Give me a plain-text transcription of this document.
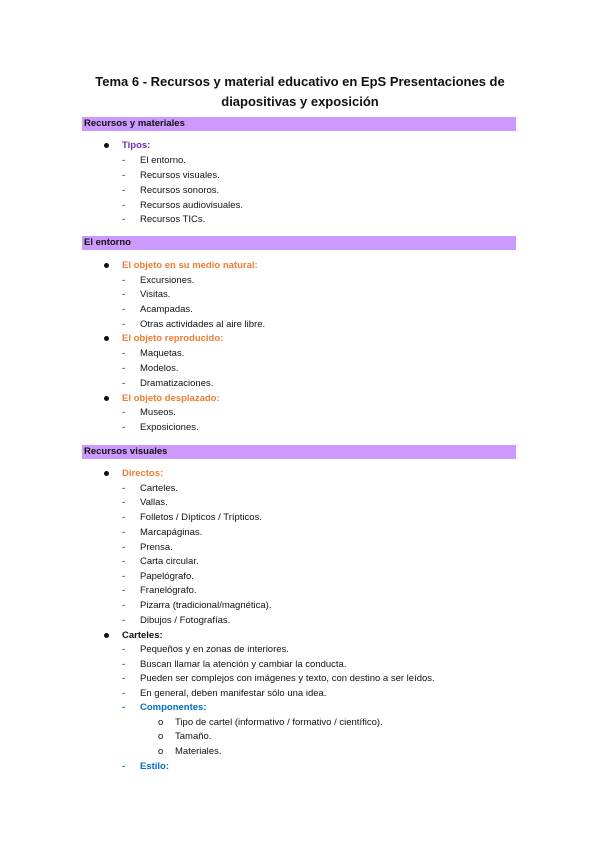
Tema 6 - Recursos y material educativo en EpS Presentaciones de
diapositivas y exposición
Recursos y materiales
Tipos:
- El entorno.
- Recursos visuales.
- Recursos sonoros.
- Recursos audiovisuales.
- Recursos TICs.
El entorno
El objeto en su medio natural:
- Excursiones.
- Visitas.
- Acampadas.
- Otras actividades al aire libre.
El objeto reproducido:
- Maquetas.
- Modelos.
- Dramatizaciones.
El objeto desplazado:
- Museos.
- Exposiciones.
Recursos visuales
Directos:
- Carteles.
- Vallas.
- Folletos / Dípticos / Trípticos.
- Marcapáginas.
- Prensa.
- Carta circular.
- Papelógrafo.
- Franelógrafo.
- Pizarra (tradicional/magnética).
- Dibujos / Fotografías.
Carteles:
- Pequeños y en zonas de interiores.
- Buscan llamar la atención y cambiar la conducta.
- Pueden ser complejos con imágenes y texto, con destino a ser leídos.
- En general, deben manifestar sólo una idea.
- Componentes:
o Tipo de cartel (informativo / formativo / científico).
o Tamaño.
o Materiales.
- Estilo:
